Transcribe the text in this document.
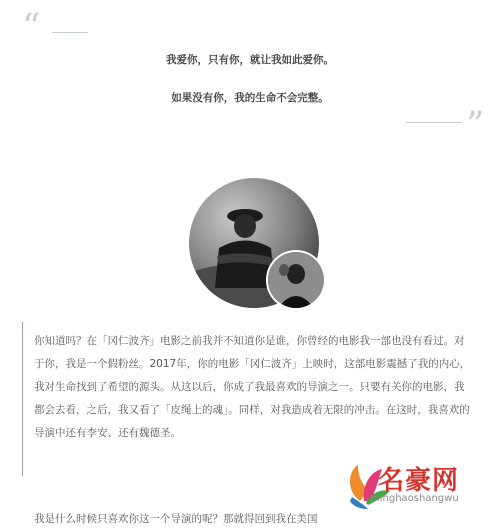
“
我爱你，只有你，就让我如此爱你。
如果没有你，我的生命不会完整。
”
你知道吗？在「冈仁波齐」电影之前我并不知道你是谁，你曾经的电影我一部也没有看过。对于你，我是一个假粉丝。2017年，你的电影「冈仁波齐」上映时，这部电影震撼了我的内心，我对生命找到了希望的源头。从这以后，你成了我最喜欢的导演之一。只要有关你的电影，我都会去看，之后，我又看了「皮绳上的魂」。同样，对我造成着无限的冲击。在这时，我喜欢的导演中还有李安、还有魏德圣。
我是什么时候只喜欢你这一个导演的呢？那就得回到我在美国
名豪网
minghaoshangwu
